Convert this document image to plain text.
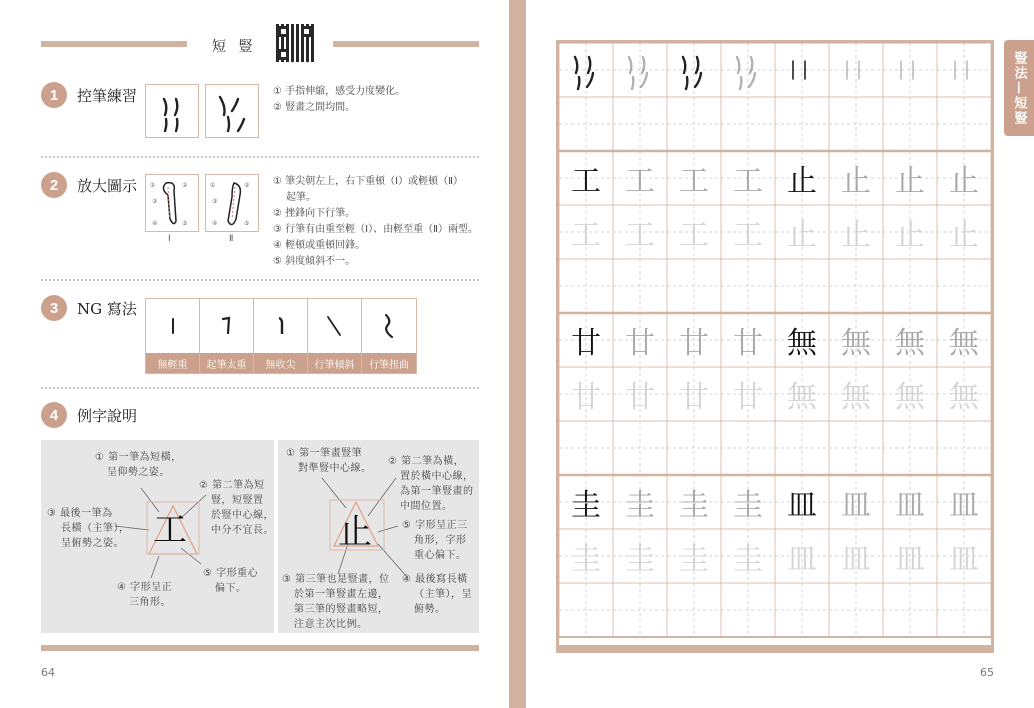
短 豎
1	控筆練習	① 手指伸縮，感受力度變化。
② 豎畫之間均間。
2	放大圖示 ①	②
③
④	⑤
①	②
③
④	⑤
Ⅰ	Ⅱ
① 筆尖朝左上，右下重頓（Ⅰ）或輕頓（Ⅱ）
起筆。
② 挫鋒向下行筆。
③ 行筆有由重至輕（Ⅰ）、由輕至重（Ⅱ）兩型。
④ 輕頓或重頓回鋒。
⑤ 斜度傾斜不一。
3	NG 寫法
無輕重	起筆太重	無收尖	行筆傾斜	行筆扭曲
4	例字說明
工
① 第一筆為短橫，
呈仰勢之姿。
② 第二筆為短
豎，短豎置
於豎中心線，
中分不宜長。
③ 最後一筆為
長橫（主筆），
呈俯勢之姿。
④ 字形呈正
三角形。
⑤ 字形重心
偏下。
止
① 第一筆畫豎筆
對準豎中心線。
② 第二筆為橫，
置於橫中心線，
為第一筆豎畫的
中間位置。
⑤ 字形呈正三
角形，字形
重心偏下。
③ 第三筆也是豎畫，位
於第一筆豎畫左邊，
第三筆的豎畫略短，
注意主次比例。
④ 最後寫長橫
（主筆），呈
俯勢。
64
豎法—短豎
工 工 工 工 止 止 止 止
工 工 工 工 止 止 止 止
廿 廿 廿 廿 無 無 無 無
廿 廿 廿 廿 無 無 無 無
圭 圭 圭 圭 皿 皿 皿 皿
圭 圭 圭 圭 皿 皿 皿 皿
65
